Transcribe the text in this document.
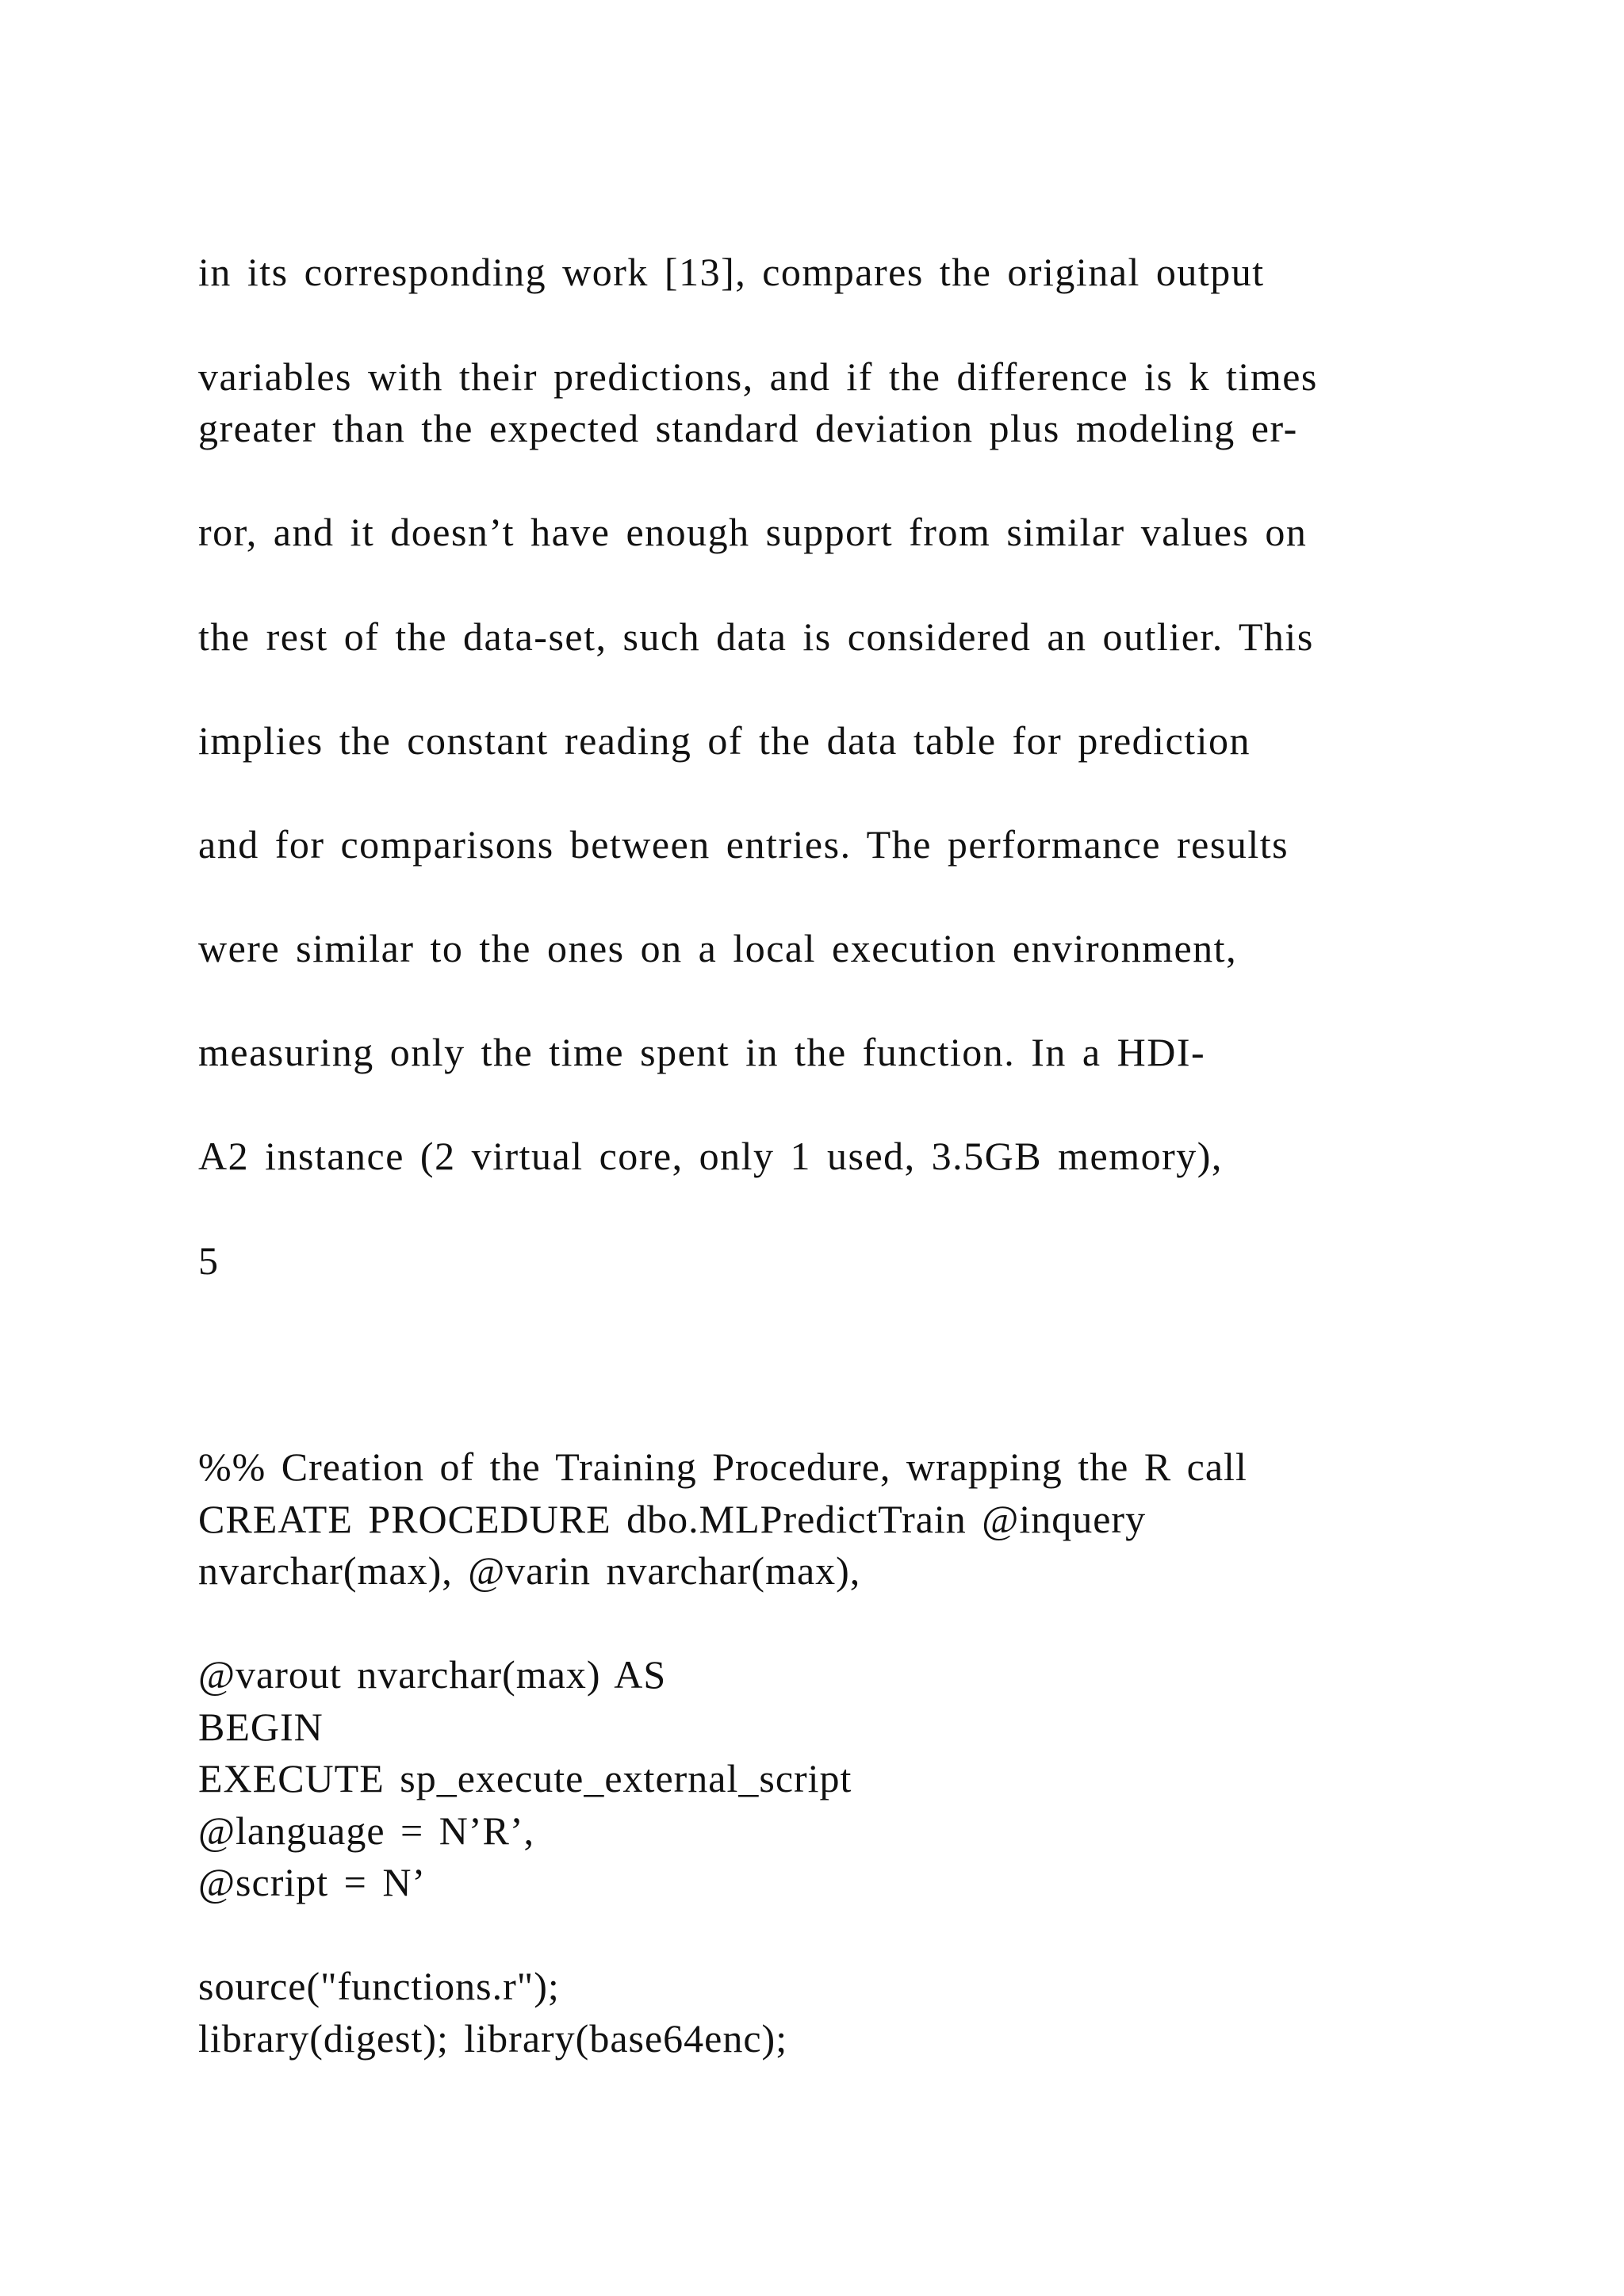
in its corresponding work [13], compares the original output
variables with their predictions, and if the difference is k times
greater than the expected standard deviation plus modeling er-
ror, and it doesn’t have enough support from similar values on
the rest of the data-set, such data is considered an outlier. This
implies the constant reading of the data table for prediction
and for comparisons between entries. The performance results
were similar to the ones on a local execution environment,
measuring only the time spent in the function. In a HDI-
A2 instance (2 virtual core, only 1 used, 3.5GB memory),
5
%% Creation of the Training Procedure, wrapping the R call
CREATE PROCEDURE dbo.MLPredictTrain @inquery
nvarchar(max), @varin nvarchar(max),
@varout nvarchar(max) AS
BEGIN
EXECUTE sp_execute_external_script
@language = N’R’,
@script = N’
source("functions.r");
library(digest); library(base64enc);
